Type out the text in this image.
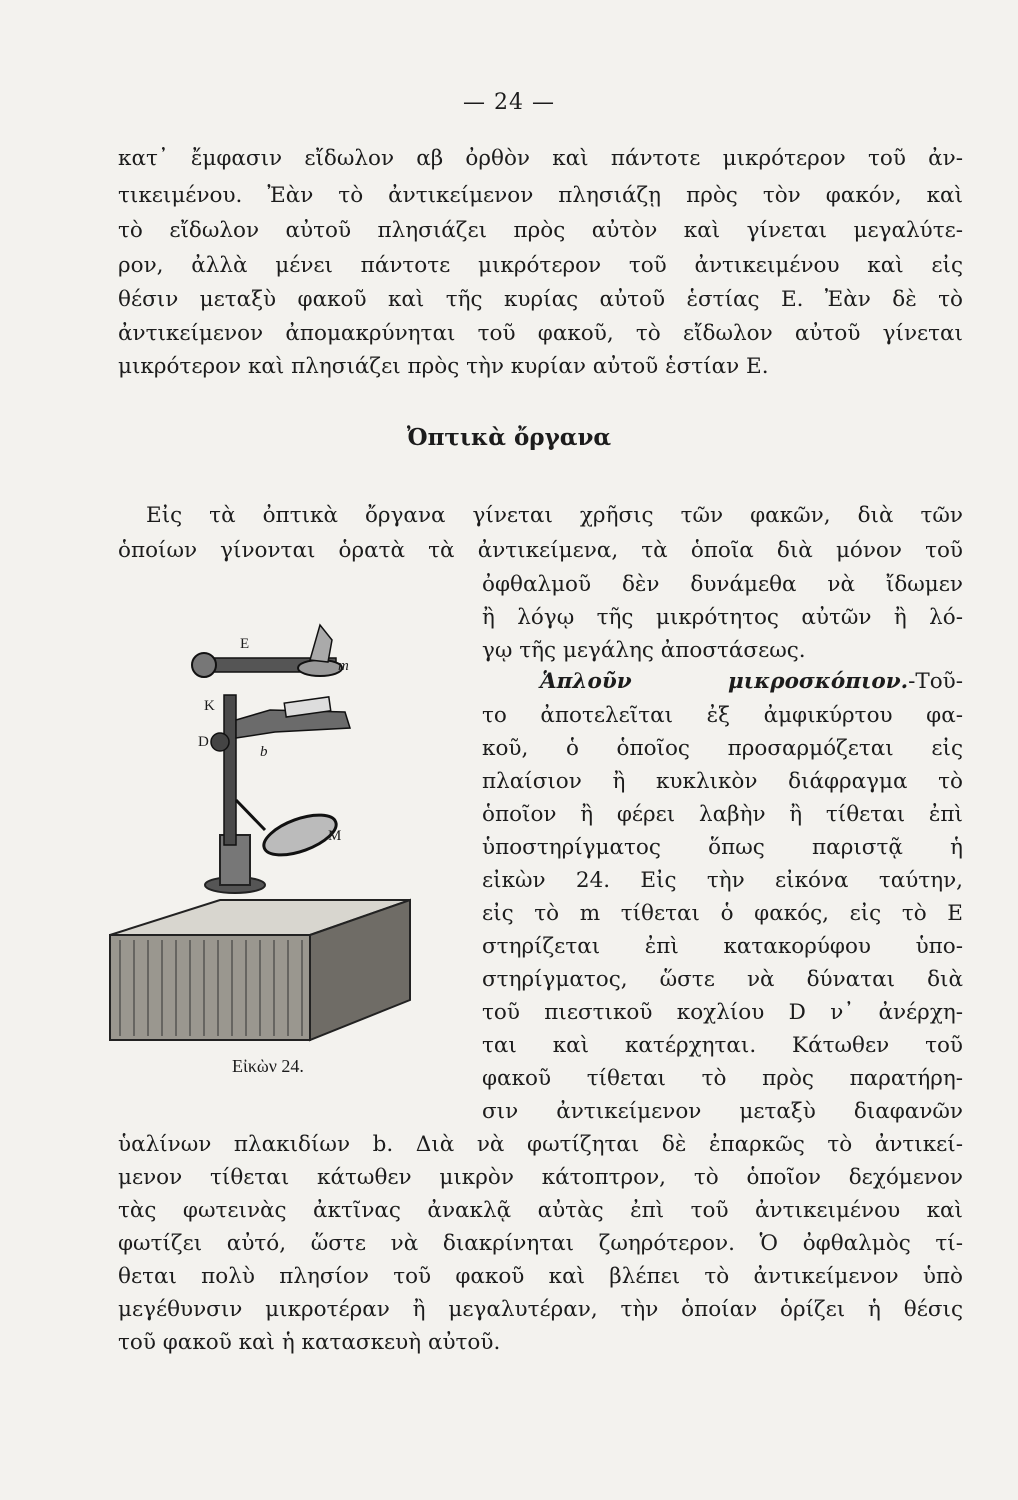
— 24 —
κατ᾽ ἔμφασιν εἴδωλον αβ ὀρθὸν καὶ πάντοτε μικρότερον τοῦ ἀν-
τικειμένου. Ἐὰν τὸ ἀντικείμενον πλησιάζῃ πρὸς τὸν φακόν, καὶ
τὸ εἴδωλον αὐτοῦ πλησιάζει πρὸς αὐτὸν καὶ γίνεται μεγαλύτε-
ρον, ἀλλὰ μένει πάντοτε μικρότερον τοῦ ἀντικειμένου καὶ εἰς
θέσιν μεταξὺ φακοῦ καὶ τῆς κυρίας αὐτοῦ ἑστίας Ε. Ἐὰν δὲ τὸ
ἀντικείμενον ἀπομακρύνηται τοῦ φακοῦ, τὸ εἴδωλον αὐτοῦ γίνεται
μικρότερον καὶ πλησιάζει πρὸς τὴν κυρίαν αὐτοῦ ἑστίαν Ε.
Ὀπτικὰ ὄργανα
Εἰς τὰ ὀπτικὰ ὄργανα γίνεται χρῆσις τῶν φακῶν, διὰ τῶν
ὁποίων γίνονται ὁρατὰ τὰ ἀντικείμενα, τὰ ὁποῖα διὰ μόνον τοῦ
ὀφθαλμοῦ δὲν δυνάμεθα νὰ ἴδωμεν
ἢ λόγῳ τῆς μικρότητος αὐτῶν ἢ λό-
γῳ τῆς μεγάλης ἀποστάσεως.
Ἁπλοῦν μικροσκόπιον.-Τοῦ-
το ἀποτελεῖται ἐξ ἀμφικύρτου φα-
κοῦ, ὁ ὁποῖος προσαρμόζεται εἰς
πλαίσιον ἢ κυκλικὸν διάφραγμα τὸ
ὁποῖον ἢ φέρει λαβὴν ἢ τίθεται ἐπὶ
ὑποστηρίγματος ὅπως παριστᾷ ἡ
εἰκὼν 24. Εἰς τὴν εἰκόνα ταύτην,
εἰς τὸ m τίθεται ὁ φακός, εἰς τὸ Ε
στηρίζεται ἐπὶ κατακορύφου ὑπο-
στηρίγματος, ὥστε νὰ δύναται διὰ
τοῦ πιεστικοῦ κοχλίου D ν᾽ ἀνέρχη-
ται καὶ κατέρχηται. Κάτωθεν τοῦ
φακοῦ τίθεται τὸ πρὸς παρατήρη-
σιν ἀντικείμενον μεταξὺ διαφανῶν
E
m
K
D
b
M
Εἰκὼν 24.
ὑαλίνων πλακιδίων b. Διὰ νὰ φωτίζηται δὲ ἐπαρκῶς τὸ ἀντικεί-
μενον τίθεται κάτωθεν μικρὸν κάτοπτρον, τὸ ὁποῖον δεχόμενον
τὰς φωτεινὰς ἀκτῖνας ἀνακλᾷ αὐτὰς ἐπὶ τοῦ ἀντικειμένου καὶ
φωτίζει αὐτό, ὥστε νὰ διακρίνηται ζωηρότερον. Ὁ ὀφθαλμὸς τί-
θεται πολὺ πλησίον τοῦ φακοῦ καὶ βλέπει τὸ ἀντικείμενον ὑπὸ
μεγέθυνσιν μικροτέραν ἢ μεγαλυτέραν, τὴν ὁποίαν ὁρίζει ἡ θέσις
τοῦ φακοῦ καὶ ἡ κατασκευὴ αὐτοῦ.
